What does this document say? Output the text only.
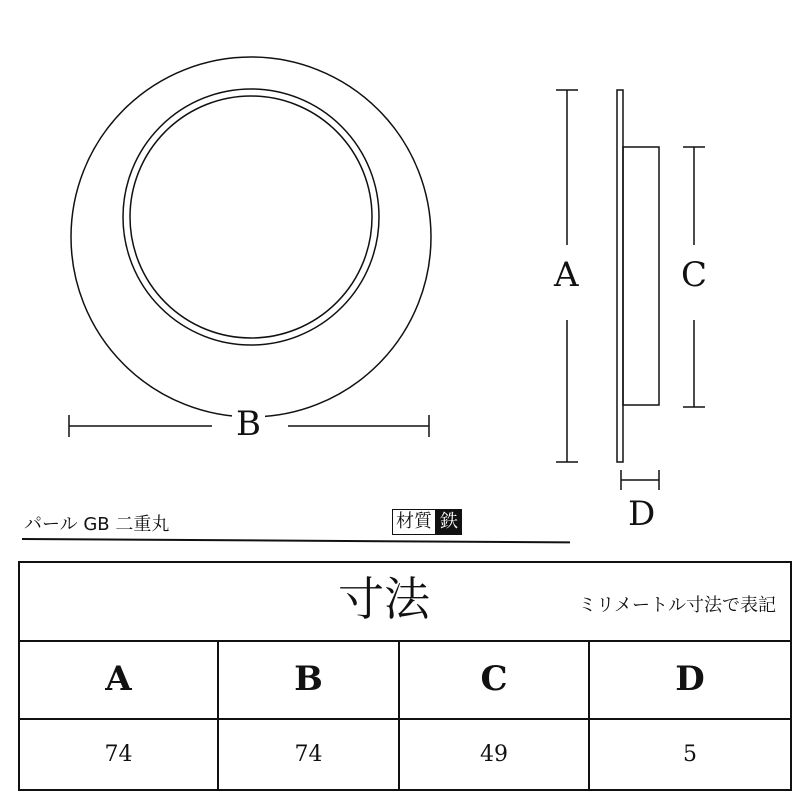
B
A	C
D
パール GB 二重丸	材質 鉄
寸法	ミリメートル寸法で表記
A	B	C	D
74	74	49	5
